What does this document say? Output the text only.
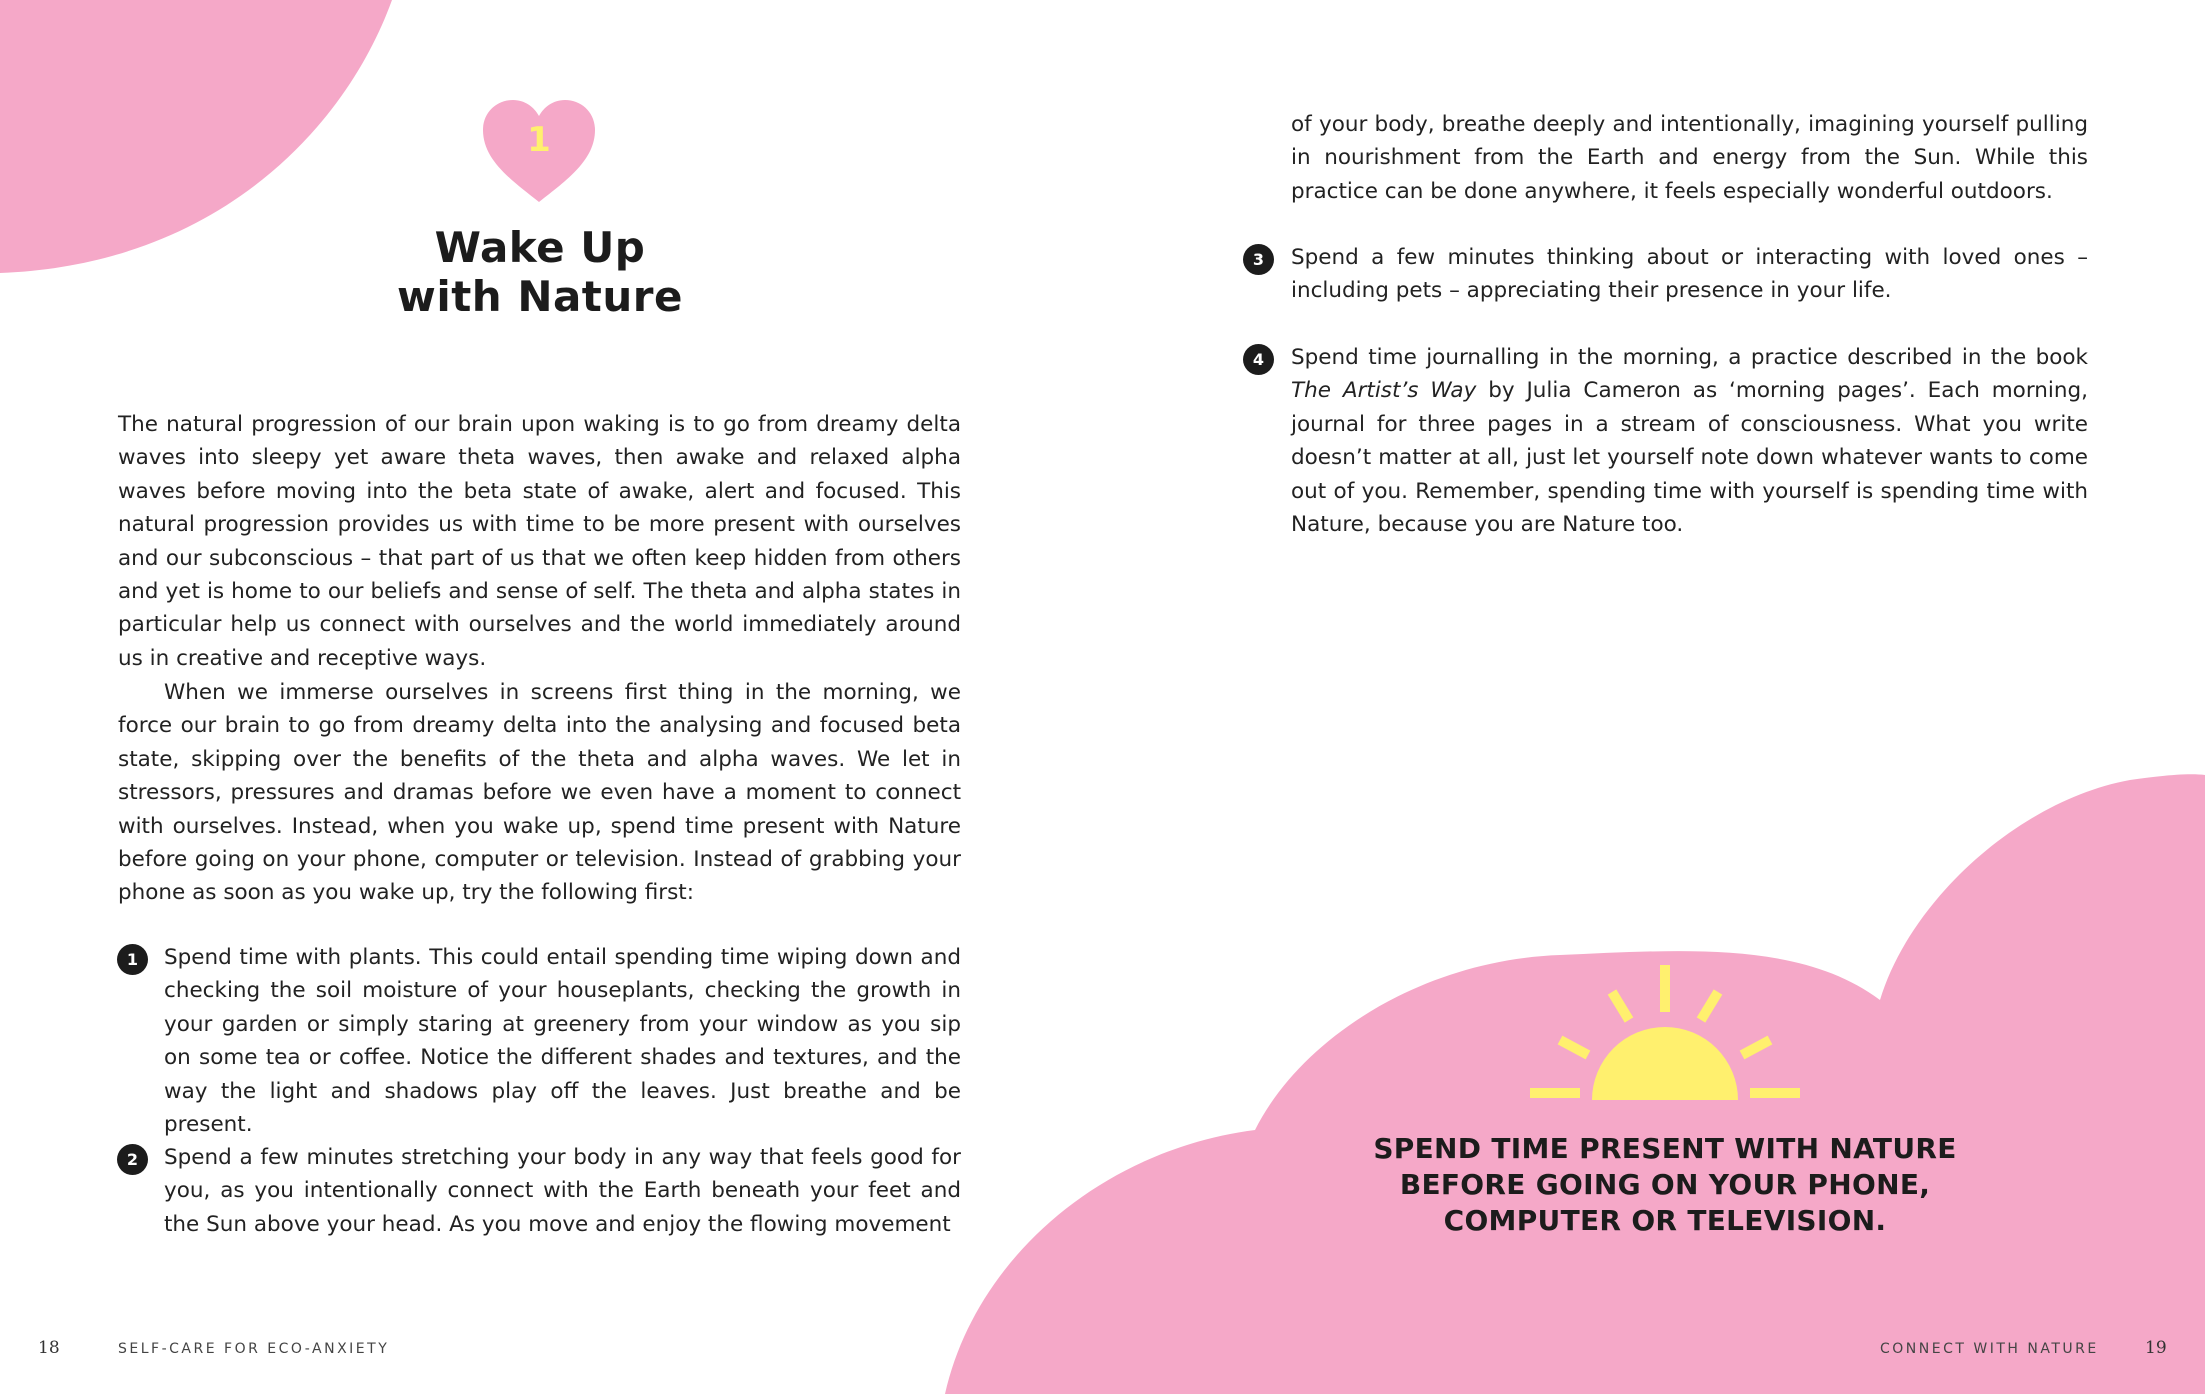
1
Wake Up
with Nature

The natural progression of our brain upon waking is to go from dreamy delta waves into sleepy yet aware theta waves, then awake and relaxed alpha waves before moving into the beta state of awake, alert and focused. This natural progression provides us with time to be more present with ourselves and our subconscious – that part of us that we often keep hidden from others and yet is home to our beliefs and sense of self. The theta and alpha states in particular help us connect with ourselves and the world immediately around us in creative and receptive ways.

When we immerse ourselves in screens first thing in the morning, we force our brain to go from dreamy delta into the analysing and focused beta state, skipping over the benefits of the theta and alpha waves. We let in stressors, pressures and dramas before we even have a moment to connect with ourselves. Instead, when you wake up, spend time present with Nature before going on your phone, computer or television. Instead of grabbing your phone as soon as you wake up, try the following first:

1	Spend time with plants. This could entail spending time wiping down and checking the soil moisture of your houseplants, checking the growth in your garden or simply staring at greenery from your window as you sip on some tea or coffee. Notice the different shades and textures, and the way the light and shadows play off the leaves. Just breathe and be present.

2	Spend a few minutes stretching your body in any way that feels good for you, as you intentionally connect with the Earth beneath your feet and the Sun above your head. As you move and enjoy the flowing movement

of your body, breathe deeply and intentionally, imagining yourself pulling in nourishment from the Earth and energy from the Sun. While this practice can be done anywhere, it feels especially wonderful outdoors.

3	Spend a few minutes thinking about or interacting with loved ones – including pets – appreciating their presence in your life.

4	Spend time journalling in the morning, a practice described in the book The Artist’s Way by Julia Cameron as ‘morning pages’. Each morning, journal for three pages in a stream of consciousness. What you write doesn’t matter at all, just let yourself note down whatever wants to come out of you. Remember, spending time with yourself is spending time with Nature, because you are Nature too.

SPEND TIME PRESENT WITH NATURE
BEFORE GOING ON YOUR PHONE,
COMPUTER OR TELEVISION.

18	SELF-CARE FOR ECO-ANXIETY	CONNECT WITH NATURE	19
